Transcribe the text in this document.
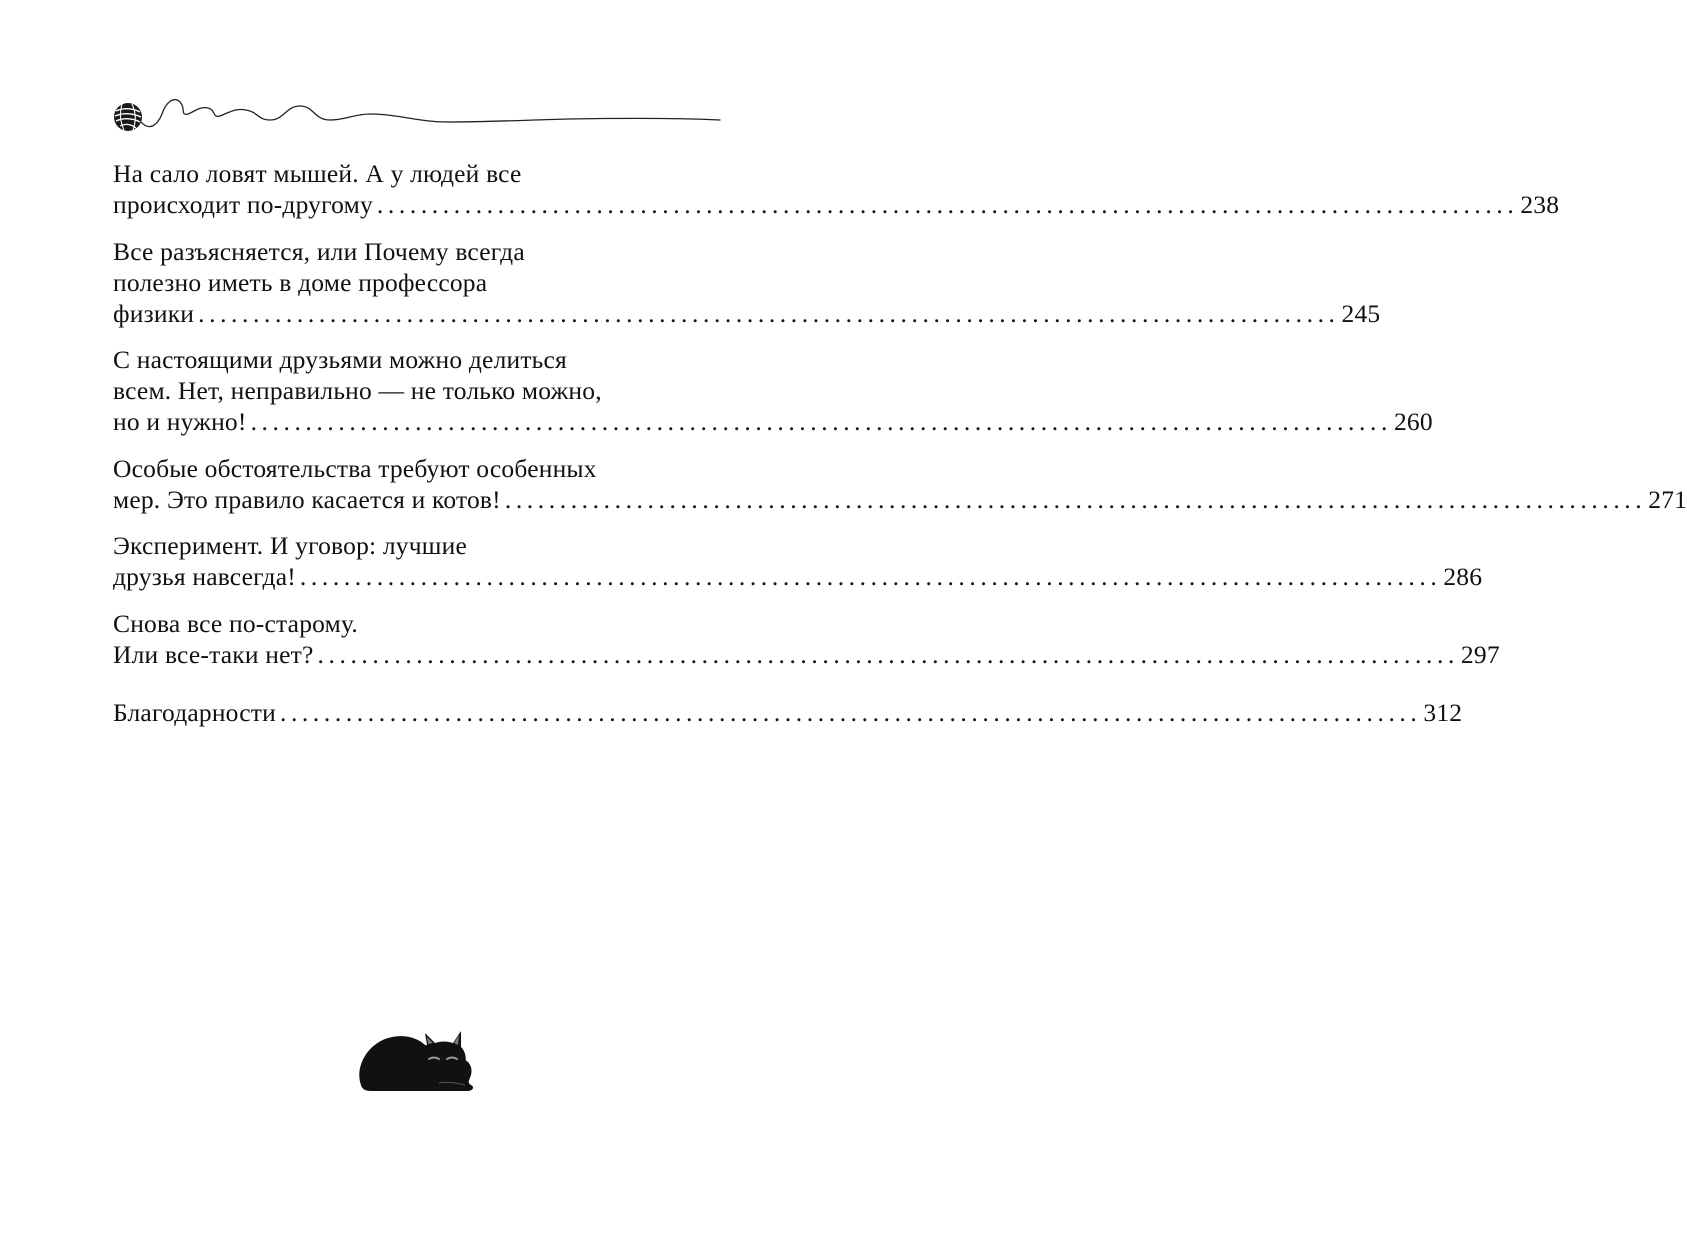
На сало ловят мышей. А у людей все
происходит по-другому ........................................................................................................ 238
Все разъясняется, или Почему всегда
полезно иметь в доме профессора
физики ........................................................................................................ 245
С настоящими друзьями можно делиться
всем. Нет, неправильно — не только можно,
но и нужно! ........................................................................................................ 260
Особые обстоятельства требуют особенных
мер. Это правило касается и котов! ........................................................................................................ 271
Эксперимент. И уговор: лучшие
друзья навсегда! ........................................................................................................ 286
Снова все по-старому.
Или все-таки нет? ........................................................................................................ 297
Благодарности ........................................................................................................ 312
